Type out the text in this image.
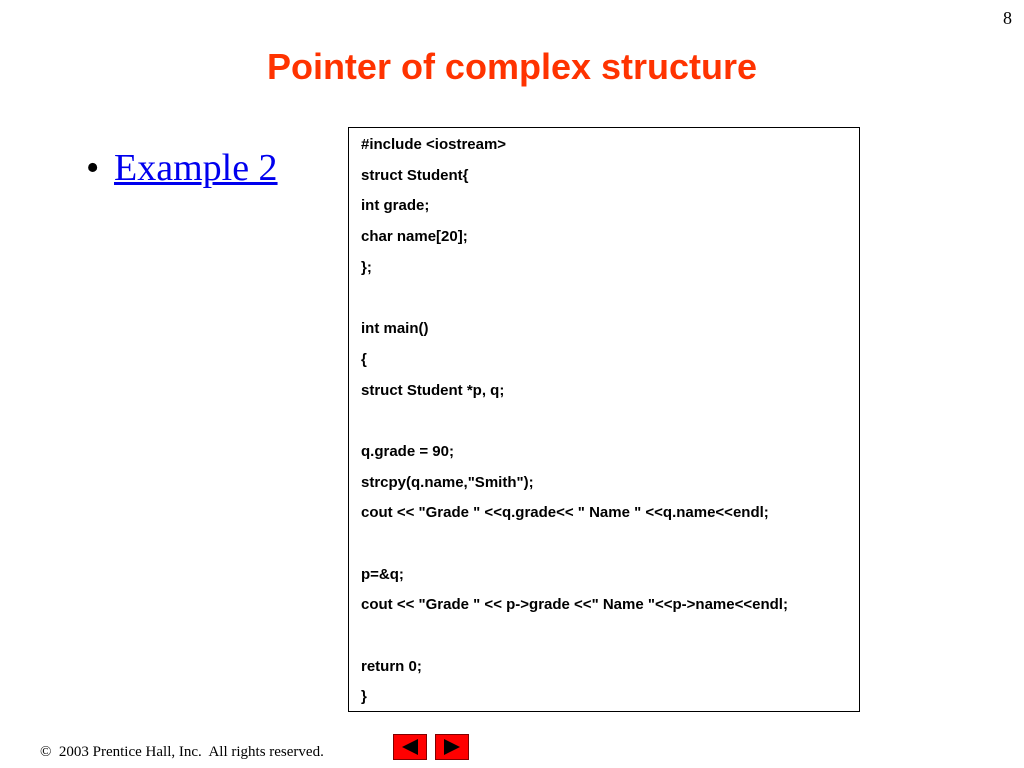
8
Pointer of complex structure
• Example 2
#include <iostream>
struct Student{
int grade;
char name[20];
};
int main()
{
struct Student *p, q;
q.grade = 90;
strcpy(q.name,"Smith");
cout << "Grade " <<q.grade<< " Name " <<q.name<<endl;
p=&q;
cout << "Grade " << p->grade <<" Name "<<p->name<<endl;
return 0;
}
©  2003 Prentice Hall, Inc.  All rights reserved.
